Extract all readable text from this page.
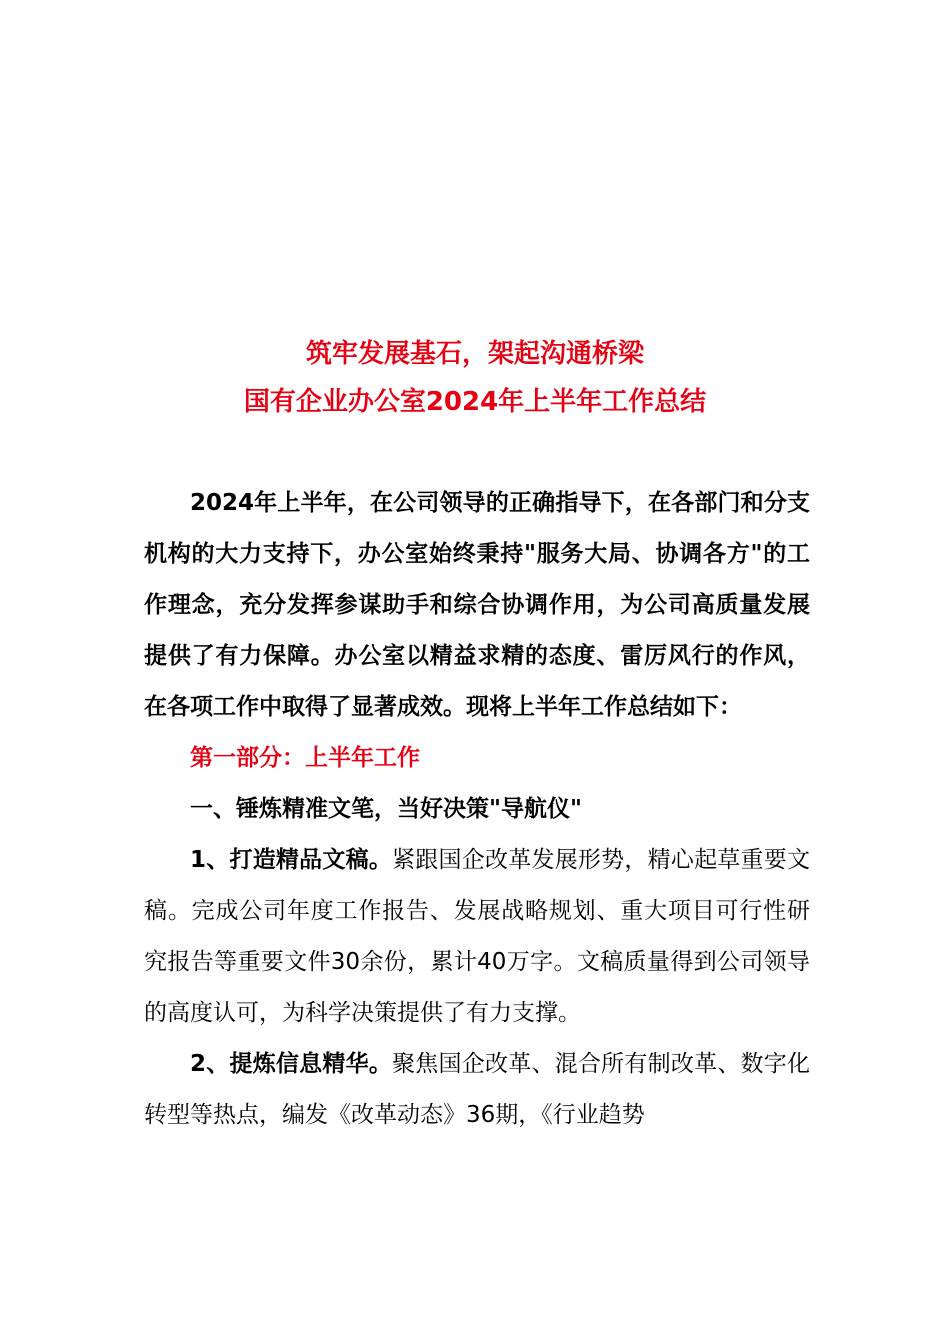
筑牢发展基石，架起沟通桥梁
国有企业办公室2024年上半年工作总结

2024年上半年，在公司领导的正确指导下，在各部门和分支机构的大力支持下，办公室始终秉持"服务大局、协调各方"的工作理念，充分发挥参谋助手和综合协调作用，为公司高质量发展提供了有力保障。办公室以精益求精的态度、雷厉风行的作风，在各项工作中取得了显著成效。现将上半年工作总结如下：

第一部分：上半年工作

一、锤炼精准文笔，当好决策"导航仪"

1、打造精品文稿。紧跟国企改革发展形势，精心起草重要文稿。完成公司年度工作报告、发展战略规划、重大项目可行性研究报告等重要文件30余份，累计40万字。文稿质量得到公司领导的高度认可，为科学决策提供了有力支撑。

2、提炼信息精华。聚焦国企改革、混合所有制改革、数字化转型等热点，编发《改革动态》36期，《行业趋势
